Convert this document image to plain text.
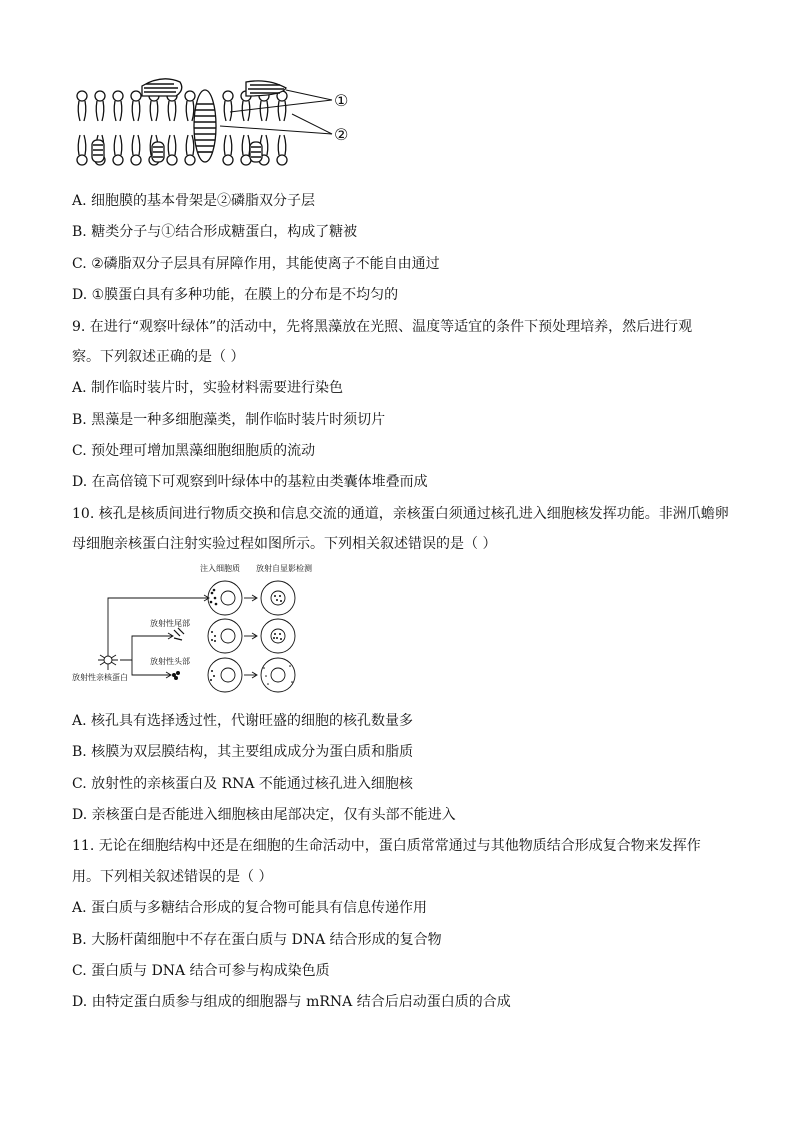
①
②
A. 细胞膜的基本骨架是②磷脂双分子层
B. 糖类分子与①结合形成糖蛋白，构成了糖被
C. ②磷脂双分子层具有屏障作用，其能使离子不能自由通过
D. ①膜蛋白具有多种功能，在膜上的分布是不均匀的
9. 在进行“观察叶绿体”的活动中，先将黑藻放在光照、温度等适宜的条件下预处理培养，然后进行观
察。下列叙述正确的是（ ）
A. 制作临时装片时，实验材料需要进行染色
B. 黑藻是一种多细胞藻类，制作临时装片时须切片
C. 预处理可增加黑藻细胞细胞质的流动
D. 在高倍镜下可观察到叶绿体中的基粒由类囊体堆叠而成
10. 核孔是核质间进行物质交换和信息交流的通道，亲核蛋白须通过核孔进入细胞核发挥功能。非洲爪蟾卵
母细胞亲核蛋白注射实验过程如图所示。下列相关叙述错误的是（ ）
注入细胞质 放射自显影检测
放射性尾部
放射性头部
放射性亲核蛋白
A. 核孔具有选择透过性，代谢旺盛的细胞的核孔数量多
B. 核膜为双层膜结构，其主要组成成分为蛋白质和脂质
C. 放射性的亲核蛋白及 RNA 不能通过核孔进入细胞核
D. 亲核蛋白是否能进入细胞核由尾部决定，仅有头部不能进入
11. 无论在细胞结构中还是在细胞的生命活动中，蛋白质常常通过与其他物质结合形成复合物来发挥作
用。下列相关叙述错误的是（ ）
A. 蛋白质与多糖结合形成的复合物可能具有信息传递作用
B. 大肠杆菌细胞中不存在蛋白质与 DNA 结合形成的复合物
C. 蛋白质与 DNA 结合可参与构成染色质
D. 由特定蛋白质参与组成的细胞器与 mRNA 结合后启动蛋白质的合成
